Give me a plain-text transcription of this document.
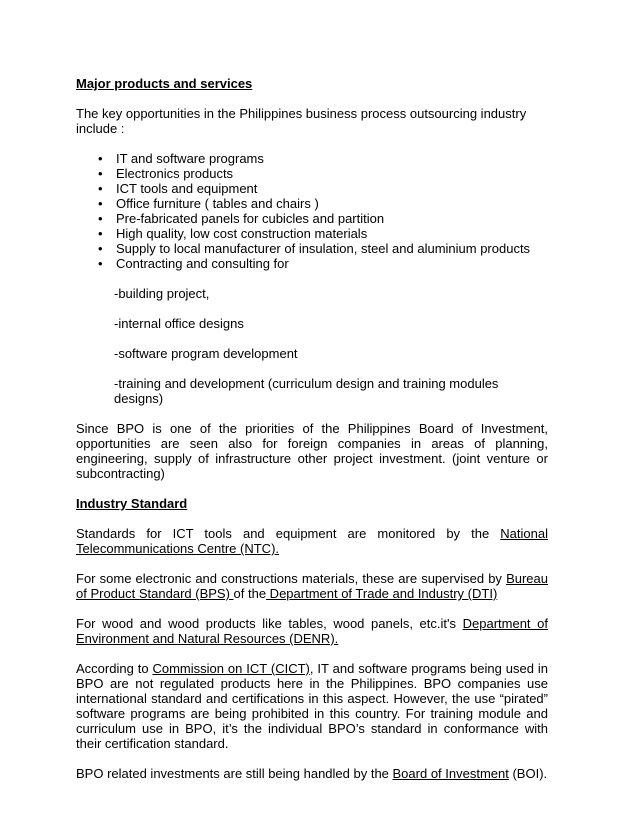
Major products and services

The key opportunities in the Philippines business process outsourcing industry include :

• IT and software programs
• Electronics products
• ICT tools and equipment
• Office furniture ( tables and chairs )
• Pre-fabricated panels for cubicles and partition
• High quality, low cost construction materials
• Supply to local manufacturer of insulation, steel and aluminium products
• Contracting and consulting for

-building project,

-internal office designs

-software program development

-training and development (curriculum design and training modules designs)

Since BPO is one of the priorities of the Philippines Board of Investment, opportunities are seen also for foreign companies in areas of planning, engineering, supply of infrastructure other project investment. (joint venture or subcontracting)

Industry Standard

Standards for ICT tools and equipment are monitored by the National Telecommunications Centre (NTC).

For some electronic and constructions materials, these are supervised by Bureau of Product Standard (BPS) of the Department of Trade and Industry (DTI)

For wood and wood products like tables, wood panels, etc.it's Department of Environment and Natural Resources (DENR).

According to Commission on ICT (CICT), IT and software programs being used in BPO are not regulated products here in the Philippines. BPO companies use international standard and certifications in this aspect. However, the use “pirated” software programs are being prohibited in this country. For training module and curriculum use in BPO, it’s the individual BPO’s standard in conformance with their certification standard.

BPO related investments are still being handled by the Board of Investment (BOI).
